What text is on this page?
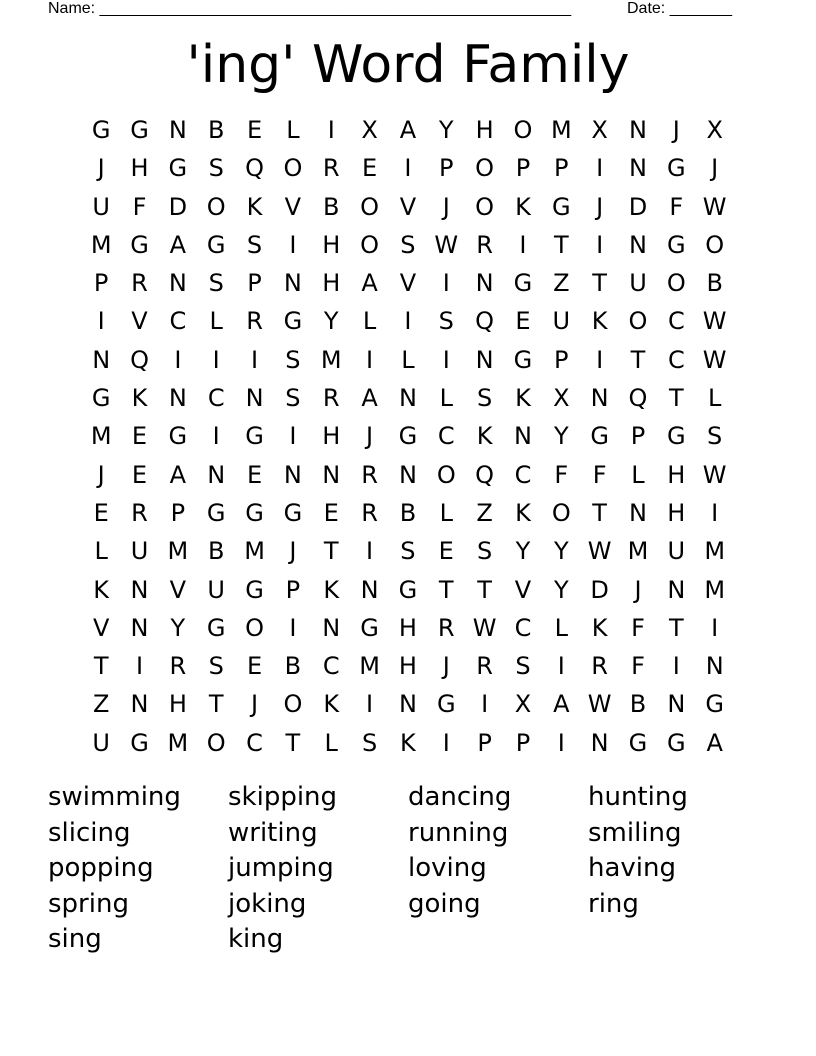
Name: _____________________________________________________	Date: _______
'ing' Word Family
G G N B E	L	I	X A Y H O M X N	J	X
J	H G S Q O R E	I	P O P P	I	N G	J
U F D O K V B O V	J	O K G	J	D F W
M G A G S	I	H O S W R	I	T	I	N G O
P R N S P N H A V	I	N G Z T U O B
I	V C L R G Y	L	I	S Q E U K O C W
N Q	I	I	I	S M	I	L	I	N G P	I	T C W
G K N C N S R A N L	S K X N Q T	L
M E G	I	G	I	H	J	G C K N Y G P G S
J	E A N E N N R N O Q C F	F	L H W
E R P G G G E R B L Z K O T N H	I
L U M B M	J	T	I	S E S Y Y W M U M
K N V U G P K N G T T V Y D	J	N M
V N Y G O	I	N G H R W C L K F	T	I
T	I	R S E B C M H	J	R S	I	R F	I	N
Z N H T	J	O K	I	N G	I	X A W B N G
U G M O C T	L	S K	I	P P	I	N G G A
swimming	skipping	dancing	hunting
slicing	writing	running	smiling
popping	jumping	loving	having
spring	joking	going	ring
sing	king
